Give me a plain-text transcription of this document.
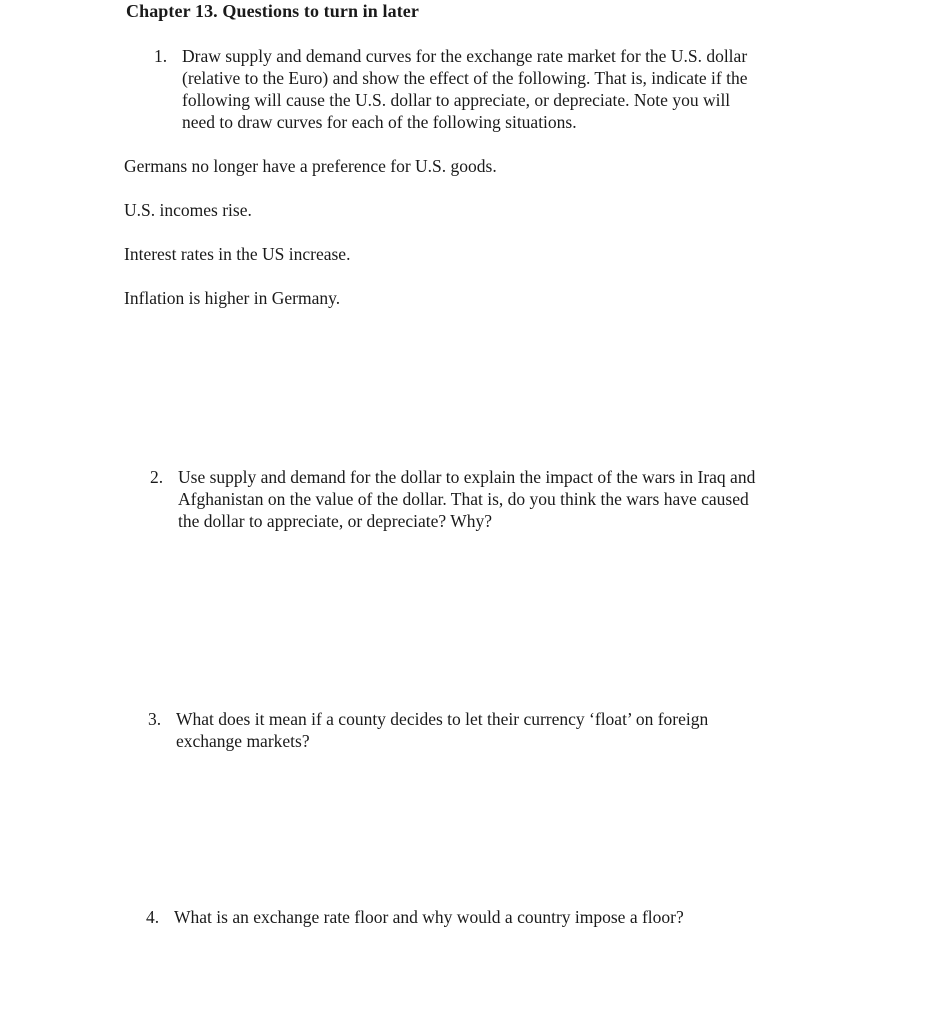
Chapter 13. Questions to turn in later
1. Draw supply and demand curves for the exchange rate market for the U.S. dollar
(relative to the Euro) and show the effect of the following. That is, indicate if the
following will cause the U.S. dollar to appreciate, or depreciate. Note you will
need to draw curves for each of the following situations.
Germans no longer have a preference for U.S. goods.
U.S. incomes rise.
Interest rates in the US increase.
Inflation is higher in Germany.
2. Use supply and demand for the dollar to explain the impact of the wars in Iraq and
Afghanistan on the value of the dollar. That is, do you think the wars have caused
the dollar to appreciate, or depreciate? Why?
3. What does it mean if a county decides to let their currency ‘float’ on foreign
exchange markets?
4. What is an exchange rate floor and why would a country impose a floor?
